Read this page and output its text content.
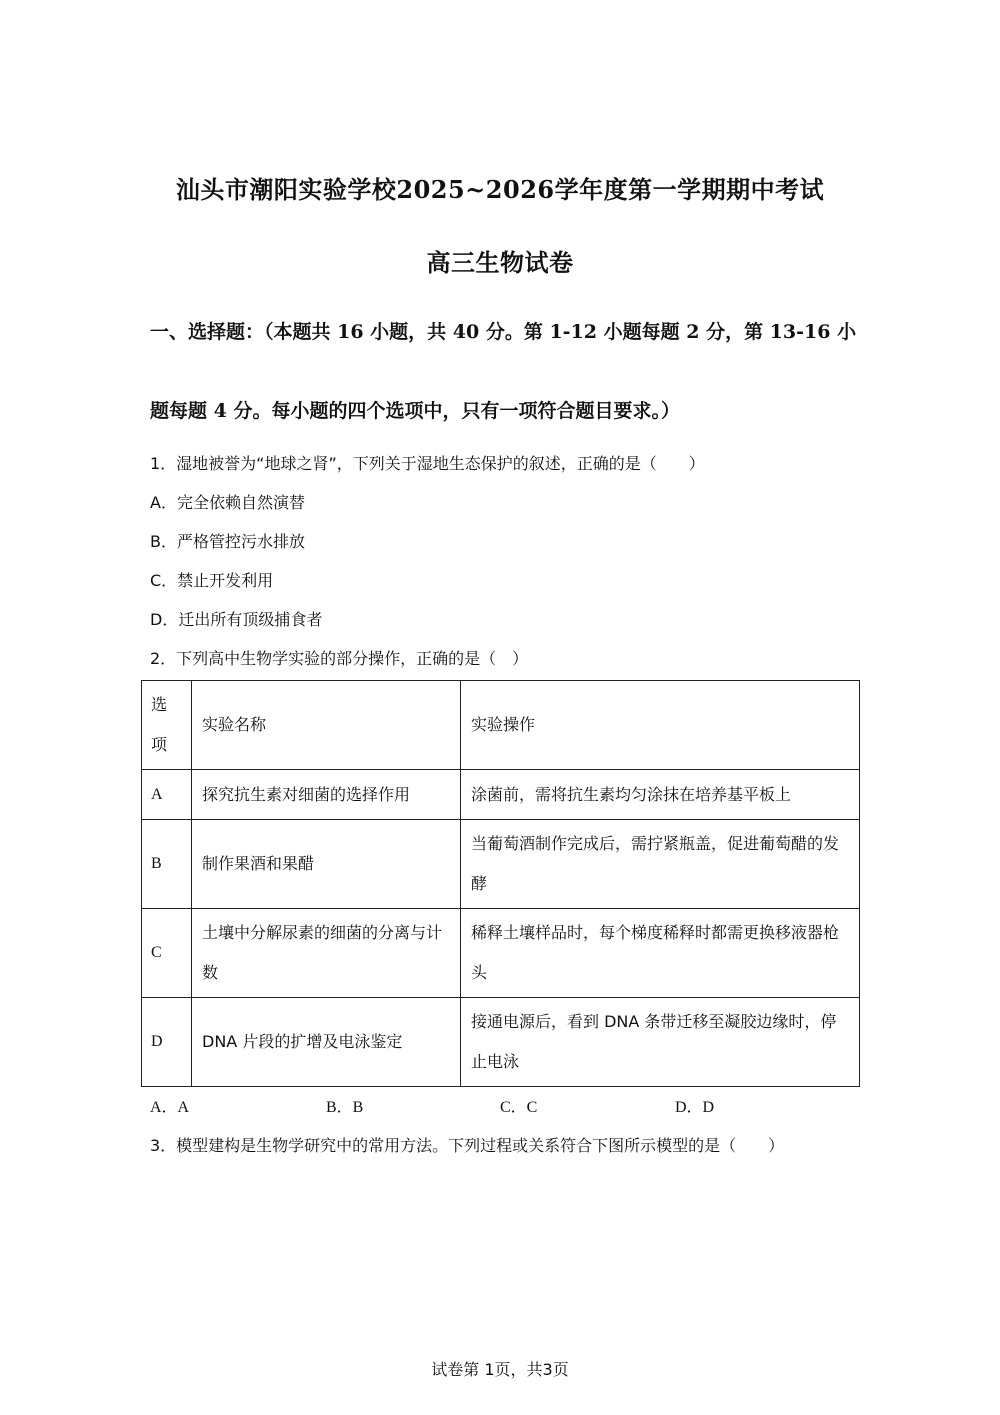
汕头市潮阳实验学校2025~2026学年度第一学期期中考试
高三生物试卷
一、选择题：（本题共 16 小题，共 40 分。第 1-12 小题每题 2 分，第 13-16 小
题每题 4 分。每小题的四个选项中，只有一项符合题目要求。）
1．湿地被誉为“地球之肾”，下列关于湿地生态保护的叙述，正确的是（　　）
A．完全依赖自然演替
B．严格管控污水排放
C．禁止开发利用
D．迁出所有顶级捕食者
2．下列高中生物学实验的部分操作，正确的是（　）
选项	实验名称	实验操作
A	探究抗生素对细菌的选择作用	涂菌前，需将抗生素均匀涂抹在培养基平板上
B	制作果酒和果醋	当葡萄酒制作完成后，需拧紧瓶盖，促进葡萄醋的发酵
C	土壤中分解尿素的细菌的分离与计数	稀释土壤样品时，每个梯度稀释时都需更换移液器枪头
D	DNA 片段的扩增及电泳鉴定	接通电源后，看到 DNA 条带迁移至凝胶边缘时，停止电泳
A．A	B．B	C．C	D．D
3．模型建构是生物学研究中的常用方法。下列过程或关系符合下图所示模型的是（　　）
试卷第 1页，共3页
